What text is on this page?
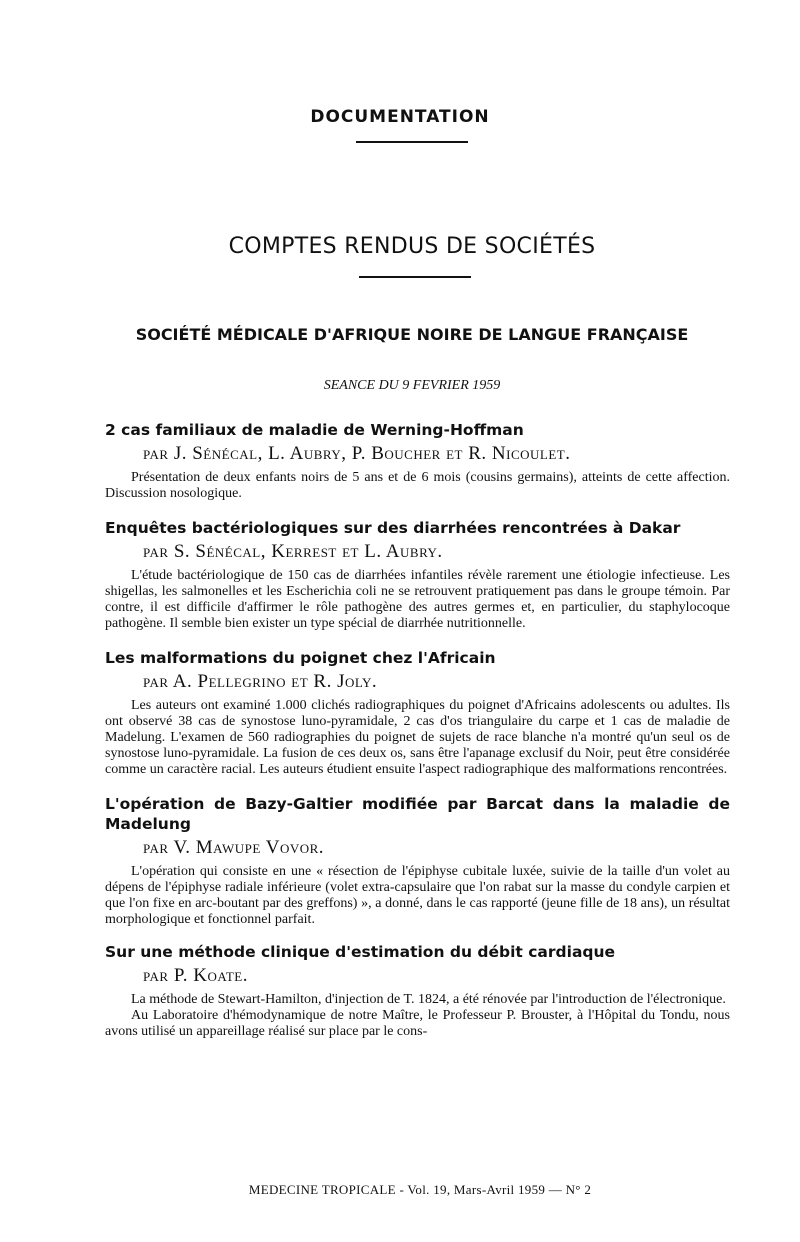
DOCUMENTATION
COMPTES RENDUS DE SOCIÉTÉS
SOCIÉTÉ MÉDICALE D'AFRIQUE NOIRE DE LANGUE FRANÇAISE
SEANCE DU 9 FEVRIER 1959
2 cas familiaux de maladie de Werning-Hoffman
par J. Sénécal, L. Aubry, P. Boucher et R. Nicoulet.

Présentation de deux enfants noirs de 5 ans et de 6 mois (cousins germains), atteints de cette affection. Discussion nosologique.

Enquêtes bactériologiques sur des diarrhées rencontrées à Dakar
par S. Sénécal, Kerrest et L. Aubry.

L'étude bactériologique de 150 cas de diarrhées infantiles révèle rarement une étiologie infectieuse. Les shigellas, les salmonelles et les Escherichia coli ne se retrouvent pratiquement pas dans le groupe témoin. Par contre, il est difficile d'affirmer le rôle pathogène des autres germes et, en particulier, du staphylocoque pathogène. Il semble bien exister un type spécial de diarrhée nutritionnelle.

Les malformations du poignet chez l'Africain
par A. Pellegrino et R. Joly.

Les auteurs ont examiné 1.000 clichés radiographiques du poignet d'Africains adolescents ou adultes. Ils ont observé 38 cas de synostose luno-pyramidale, 2 cas d'os triangulaire du carpe et 1 cas de maladie de Madelung. L'examen de 560 radiographies du poignet de sujets de race blanche n'a montré qu'un seul os de synostose luno-pyramidale. La fusion de ces deux os, sans être l'apanage exclusif du Noir, peut être considérée comme un caractère racial. Les auteurs étudient ensuite l'aspect radiographique des malformations rencontrées.

L'opération de Bazy-Galtier modifiée par Barcat dans la maladie de Madelung
par V. Mawupe Vovor.

L'opération qui consiste en une « résection de l'épiphyse cubitale luxée, suivie de la taille d'un volet au dépens de l'épiphyse radiale inférieure (volet extra-capsulaire que l'on rabat sur la masse du condyle carpien et que l'on fixe en arc-boutant par des greffons) », a donné, dans le cas rapporté (jeune fille de 18 ans), un résultat morphologique et fonctionnel parfait.

Sur une méthode clinique d'estimation du débit cardiaque
par P. Koate.

La méthode de Stewart-Hamilton, d'injection de T. 1824, a été rénovée par l'introduction de l'électronique.

Au Laboratoire d'hémodynamique de notre Maître, le Professeur P. Brouster, à l'Hôpital du Tondu, nous avons utilisé un appareillage réalisé sur place par le cons-

MEDECINE TROPICALE - Vol. 19, Mars-Avril 1959 — N° 2
